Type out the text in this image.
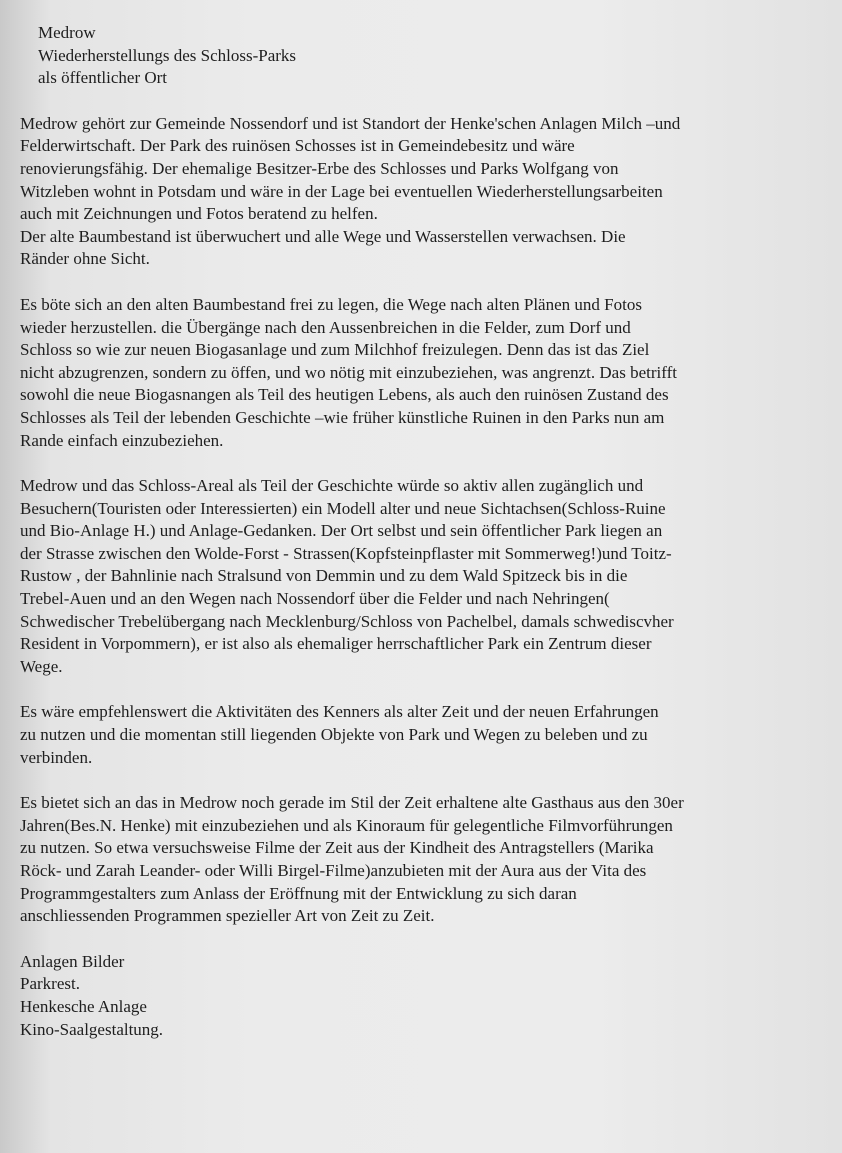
Medrow
Wiederherstellungs des Schloss-Parks
als öffentlicher Ort
Medrow gehört zur Gemeinde Nossendorf und ist Standort der Henke'schen Anlagen Milch –und
Felderwirtschaft. Der Park des ruinösen Schosses ist in Gemeindebesitz und wäre
renovierungsfähig. Der ehemalige Besitzer-Erbe des Schlosses und Parks Wolfgang von
Witzleben wohnt in Potsdam und wäre in der Lage bei eventuellen Wiederherstellungsarbeiten
auch mit Zeichnungen und Fotos beratend zu helfen.
Der alte Baumbestand ist überwuchert und alle Wege und Wasserstellen verwachsen. Die
Ränder ohne Sicht.
Es böte sich an den alten Baumbestand frei zu legen, die Wege nach alten Plänen und Fotos
wieder herzustellen. die Übergänge nach den Aussenbreichen in die Felder, zum Dorf und
Schloss so wie zur neuen Biogasanlage und zum Milchhof freizulegen. Denn das ist das Ziel
nicht abzugrenzen, sondern zu öffen, und wo nötig mit einzubeziehen, was angrenzt. Das betrifft
sowohl die neue Biogasnangen als Teil des heutigen Lebens, als auch den ruinösen Zustand des
Schlosses als Teil der lebenden Geschichte –wie früher künstliche Ruinen in den Parks nun am
Rande einfach einzubeziehen.
Medrow und das Schloss-Areal als Teil der Geschichte würde so aktiv allen zugänglich und
Besuchern(Touristen oder Interessierten) ein Modell alter und neue Sichtachsen(Schloss-Ruine
und Bio-Anlage H.) und Anlage-Gedanken. Der Ort selbst und sein öffentlicher Park liegen an
der Strasse zwischen den Wolde-Forst - Strassen(Kopfsteinpflaster mit Sommerweg!)und Toitz-
Rustow , der Bahnlinie nach Stralsund von Demmin und zu dem Wald Spitzeck bis in die
Trebel-Auen und an den Wegen nach Nossendorf über die Felder und nach Nehringen(
Schwedischer Trebelübergang nach Mecklenburg/Schloss von Pachelbel, damals schwediscvher
Resident in Vorpommern), er ist also als ehemaliger herrschaftlicher Park ein Zentrum dieser
Wege.
Es wäre empfehlenswert die Aktivitäten des Kenners als alter Zeit und der neuen Erfahrungen
zu nutzen und die momentan still liegenden Objekte von Park und Wegen zu beleben und zu
verbinden.
Es bietet sich an das in Medrow noch gerade im Stil der Zeit erhaltene alte Gasthaus aus den 30er
Jahren(Bes.N. Henke) mit einzubeziehen und als Kinoraum für gelegentliche Filmvorführungen
zu nutzen. So etwa versuchsweise Filme der Zeit aus der Kindheit des Antragstellers (Marika
Röck- und Zarah Leander- oder Willi Birgel-Filme)anzubieten mit der Aura aus der Vita des
Programmgestalters zum Anlass der Eröffnung mit der Entwicklung zu sich daran
anschliessenden Programmen spezieller Art von Zeit zu Zeit.
Anlagen Bilder
Parkrest.
Henkesche Anlage
Kino-Saalgestaltung.
